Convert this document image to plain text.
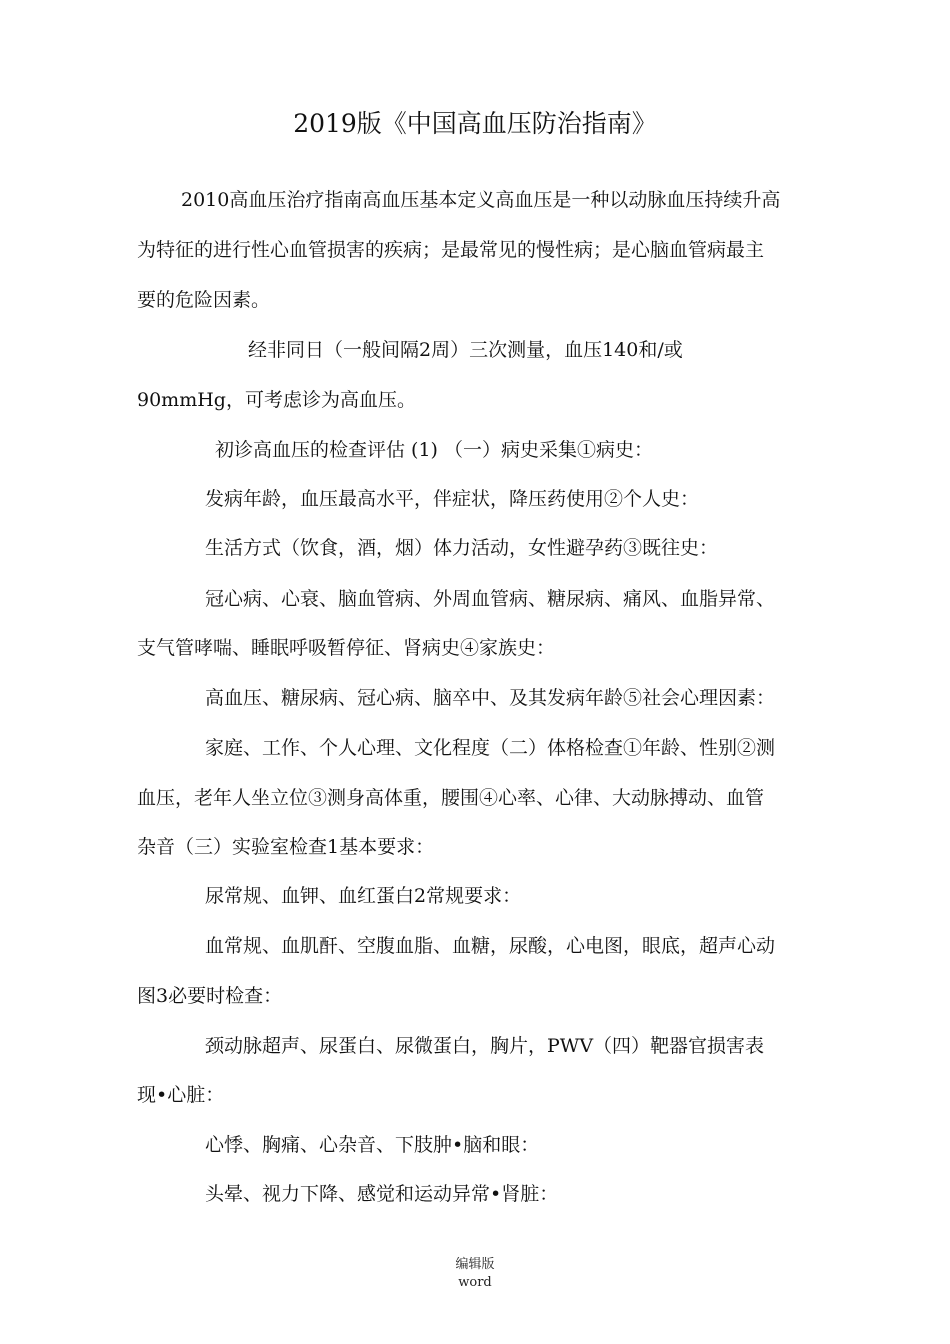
2019版《中国高血压防治指南》
2010高血压治疗指南高血压基本定义高血压是一种以动脉血压持续升高
为特征的进行性心血管损害的疾病；是最常见的慢性病；是心脑血管病最主
要的危险因素。
经非同日（一般间隔2周）三次测量，血压140和/或
90mmHg，可考虑诊为高血压。
初诊高血压的检查评估 (1) （一）病史采集①病史：
发病年龄，血压最高水平，伴症状，降压药使用②个人史：
生活方式（饮食，酒，烟）体力活动，女性避孕药③既往史：
冠心病、心衰、脑血管病、外周血管病、糖尿病、痛风、血脂异常、
支气管哮喘、睡眠呼吸暂停征、肾病史④家族史：
高血压、糖尿病、冠心病、脑卒中、及其发病年龄⑤社会心理因素：
家庭、工作、个人心理、文化程度（二）体格检查①年龄、性别②测
血压，老年人坐立位③测身高体重，腰围④心率、心律、大动脉搏动、血管
杂音（三）实验室检查1基本要求：
尿常规、血钾、血红蛋白2常规要求：
血常规、血肌酐、空腹血脂、血糖，尿酸，心电图，眼底，超声心动
图3必要时检查：
颈动脉超声、尿蛋白、尿微蛋白，胸片，PWV（四）靶器官损害表
现•心脏：
心悸、胸痛、心杂音、下肢肿•脑和眼：
头晕、视力下降、感觉和运动异常•肾脏：
编辑版
word
